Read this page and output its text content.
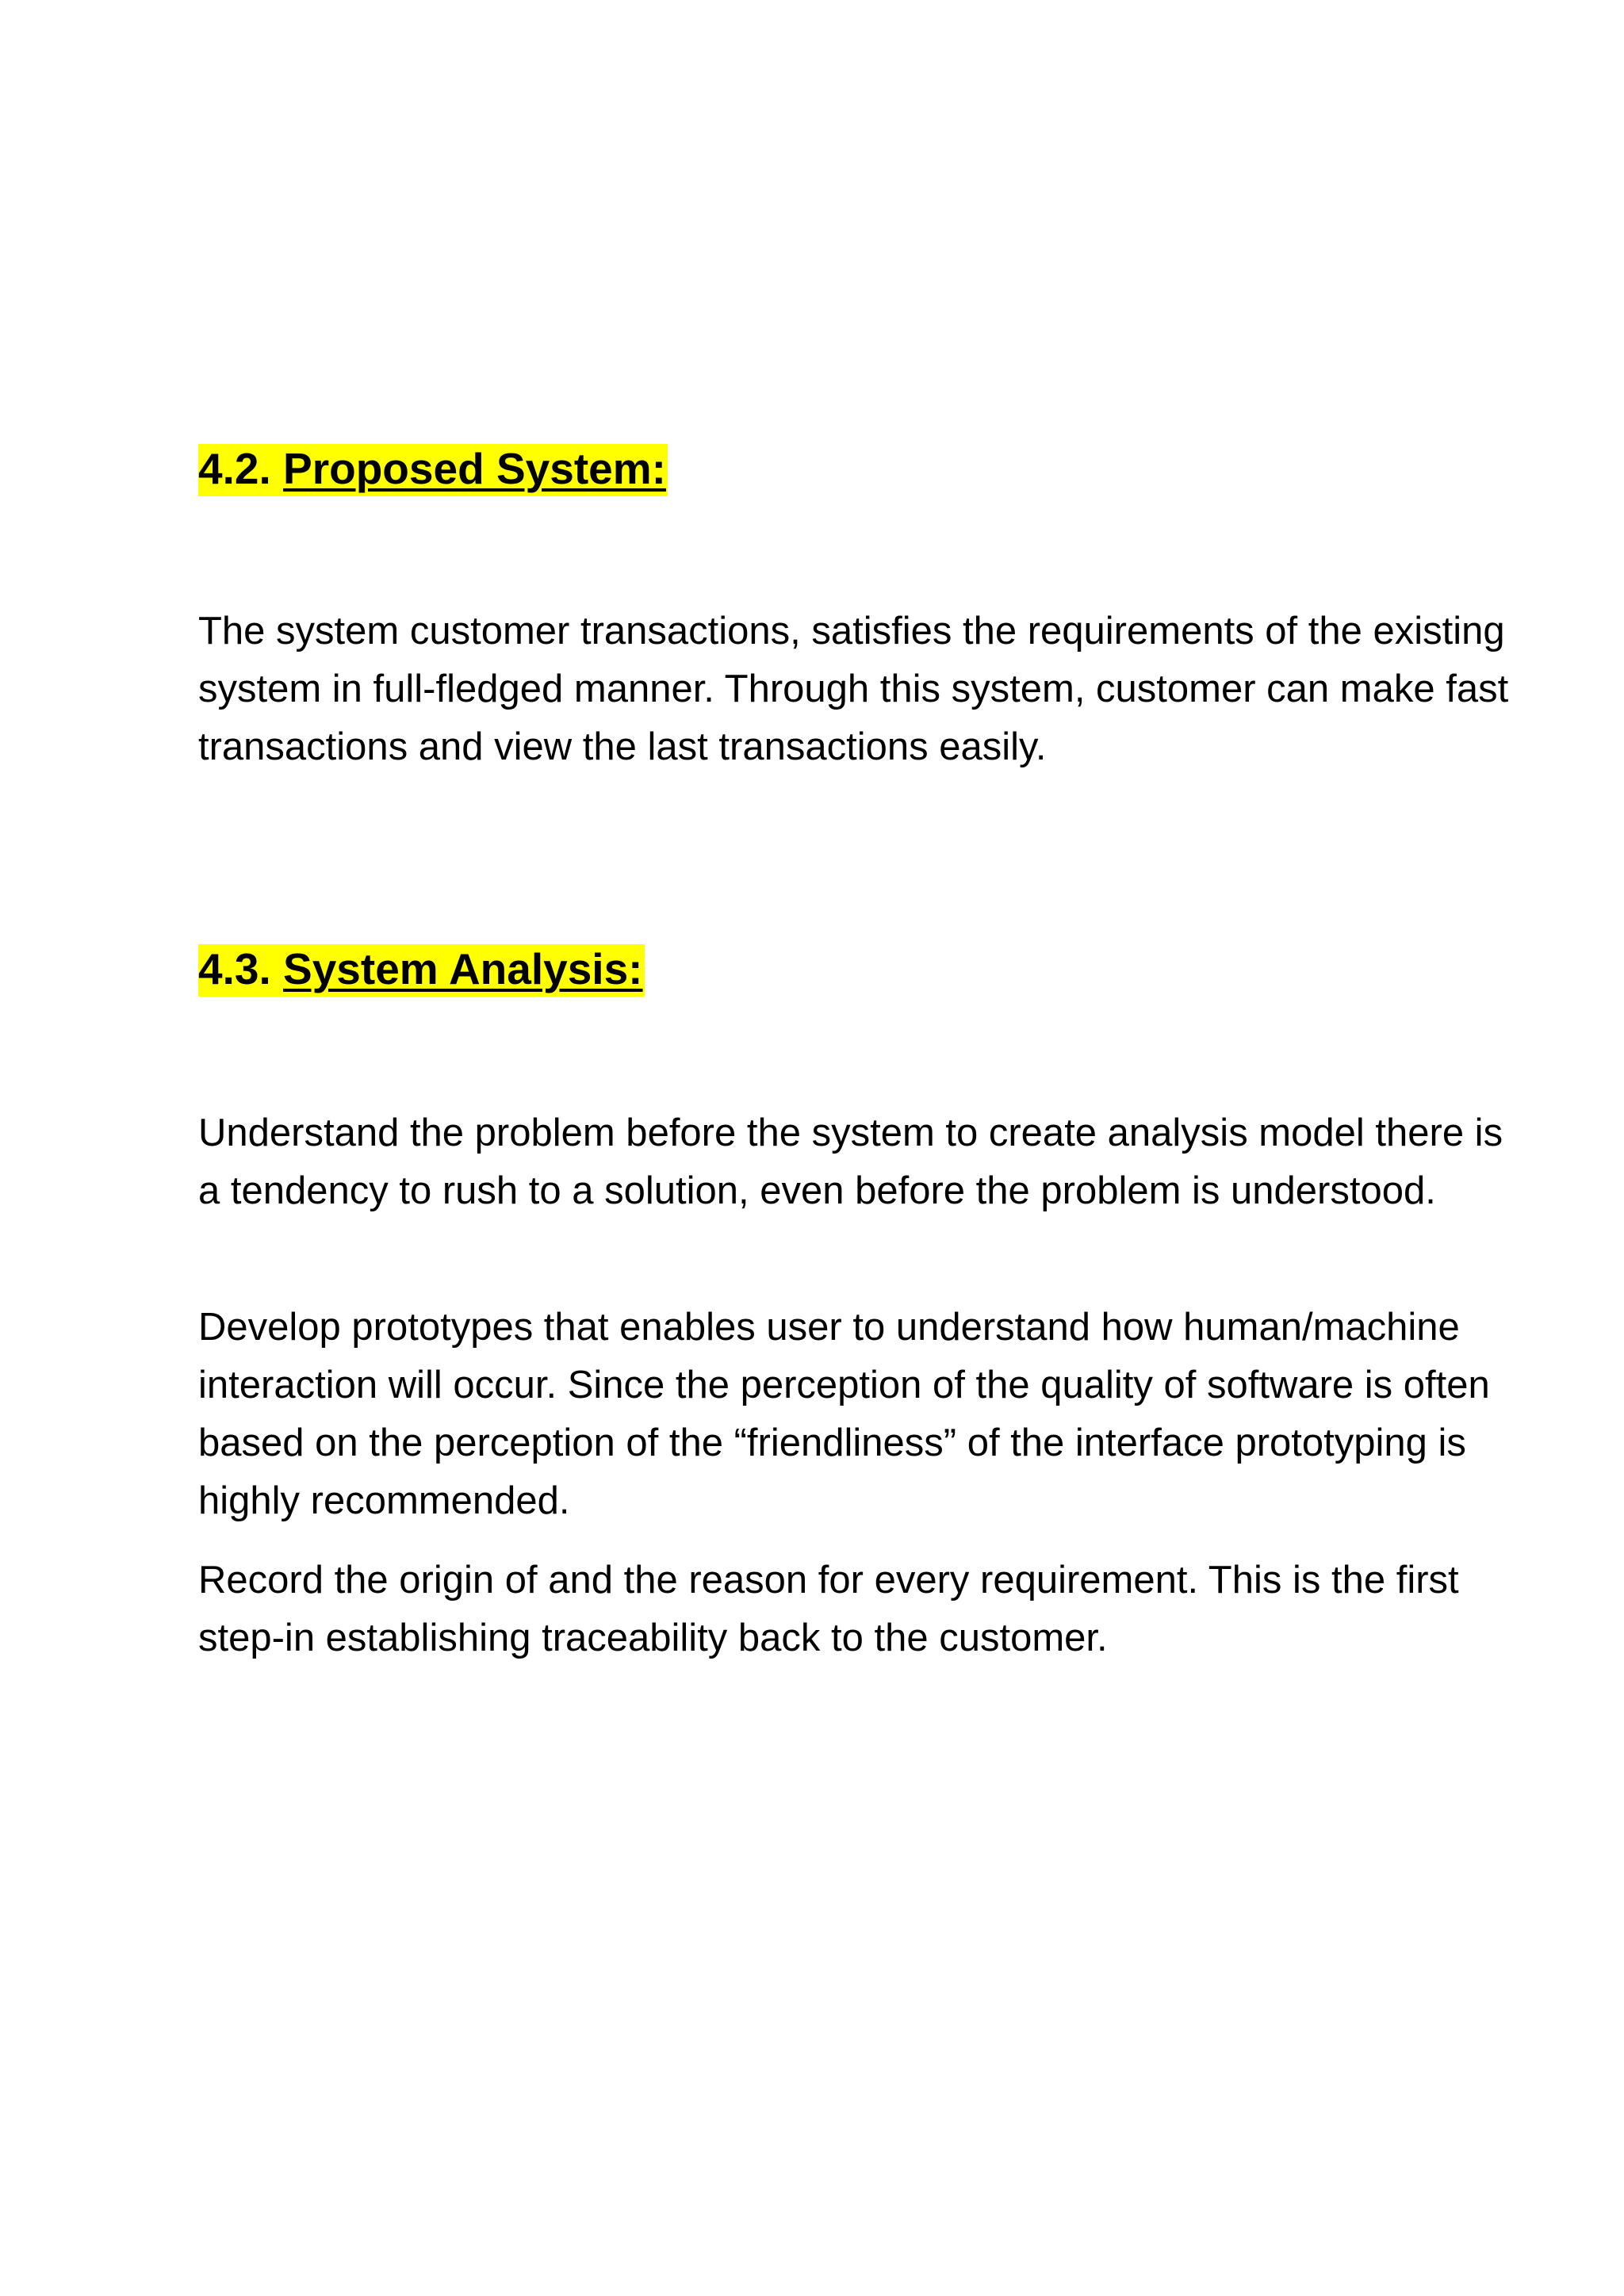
4.2. Proposed System:

The system customer transactions, satisfies the requirements of the existing system in full-fledged manner. Through this system, customer can make fast transactions and view the last transactions easily.

4.3. System Analysis:

Understand the problem before the system to create analysis model there is a tendency to rush to a solution, even before the problem is understood.

Develop prototypes that enables user to understand how human/machine interaction will occur. Since the perception of the quality of software is often based on the perception of the “friendliness” of the interface prototyping is highly recommended.

Record the origin of and the reason for every requirement. This is the first step-in establishing traceability back to the customer.
